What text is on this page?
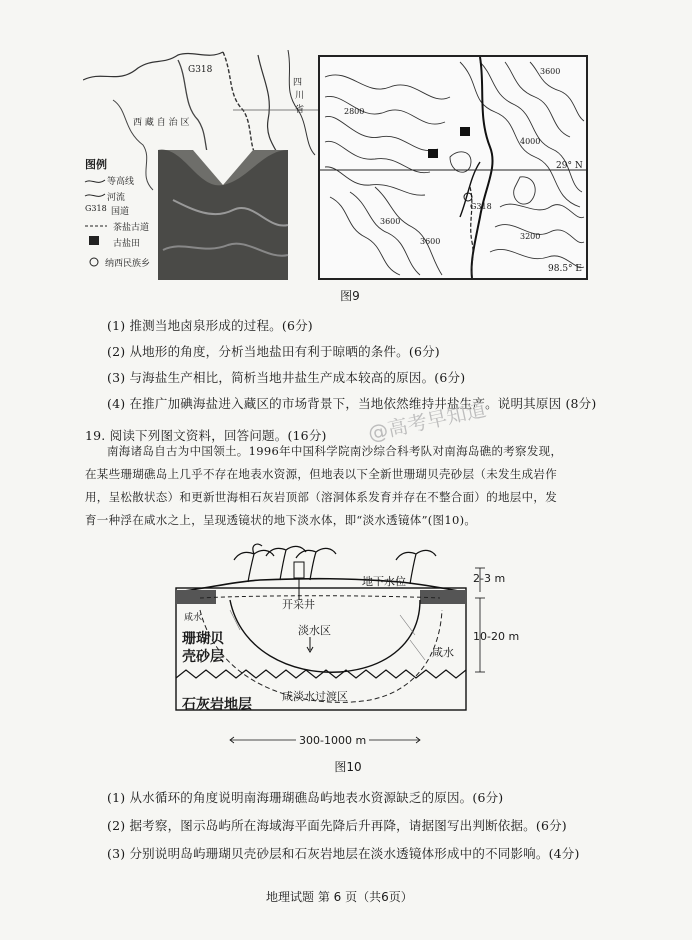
西 藏 自 治 区
四
川
省
G318
图例
等高线
河流
G318 国道
茶盐古道
古盐田
纳西民族乡
29° N
98.5° E
G318
2800
3600
3600
4000
3200
3600
图9
(1) 推测当地卤泉形成的过程。(6分)
(2) 从地形的角度，分析当地盐田有利于晾晒的条件。(6分)
(3) 与海盐生产相比，简析当地井盐生产成本较高的原因。(6分)
(4) 在推广加碘海盐进入藏区的市场背景下，当地依然维持井盐生产。说明其原因 (8分)
19. 阅读下列图文资料，回答问题。(16分) @高考早知道
南海诸岛自古为中国领土。1996年中国科学院南沙综合科考队对南海岛礁的考察发现，
在某些珊瑚礁岛上几乎不存在地表水资源，但地表以下全新世珊瑚贝壳砂层（未发生成岩作
用，呈松散状态）和更新世海相石灰岩顶部（溶洞体系发育并存在不整合面）的地层中，发
育一种浮在咸水之上，呈现透镜状的地下淡水体，即“淡水透镜体”(图10)。
开采井
地下水位
淡水区
咸水
咸水
珊瑚贝
壳砂层
石灰岩地层
咸淡水过渡区
2-3 m
10-20 m
300-1000 m
图10
(1) 从水循环的角度说明南海珊瑚礁岛屿地表水资源缺乏的原因。(6分)
(2) 据考察，图示岛屿所在海域海平面先降后升再降，请据图写出判断依据。(6分)
(3) 分别说明岛屿珊瑚贝壳砂层和石灰岩地层在淡水透镜体形成中的不同影响。(4分)
地理试题 第 6 页（共6页）
